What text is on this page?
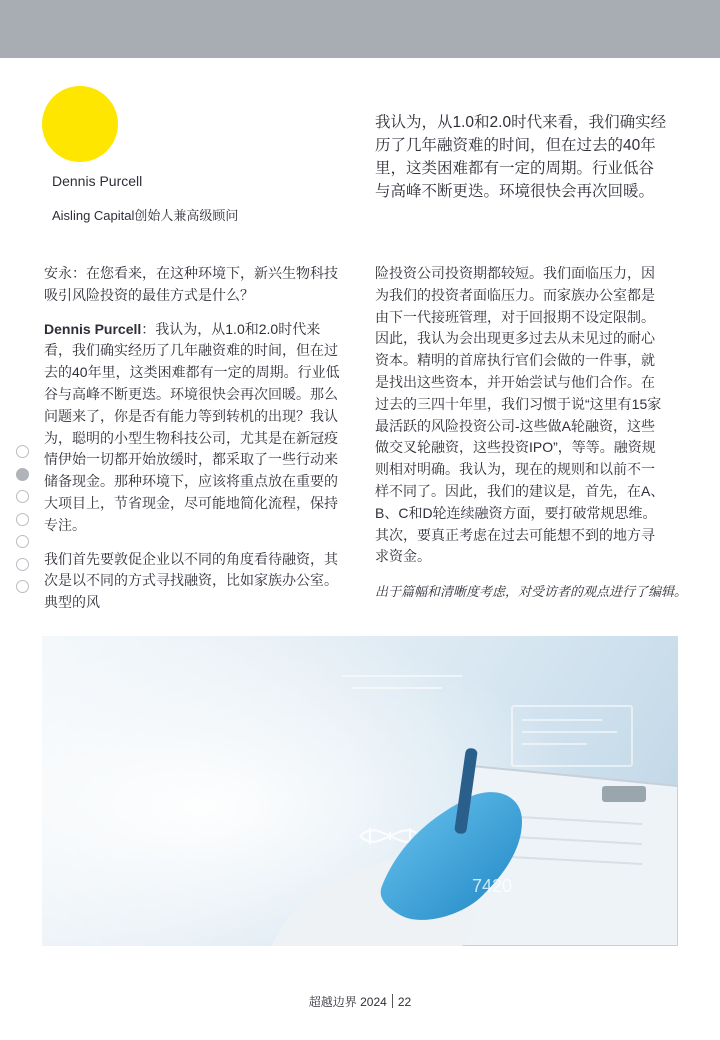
Dennis Purcell
Aisling Capital创始人兼高级顾问

我认为，从1.0和2.0时代来看，我们确实经历了几年融资难的时间，但在过去的40年里，这类困难都有一定的周期。行业低谷与高峰不断更迭。环境很快会再次回暖。

安永：在您看来，在这种环境下，新兴生物科技吸引风险投资的最佳方式是什么？

Dennis Purcell：我认为，从1.0和2.0时代来看，我们确实经历了几年融资难的时间，但在过去的40年里，这类困难都有一定的周期。行业低谷与高峰不断更迭。环境很快会再次回暖。那么问题来了，你是否有能力等到转机的出现？我认为，聪明的小型生物科技公司，尤其是在新冠疫情伊始一切都开始放缓时，都采取了一些行动来储备现金。那种环境下，应该将重点放在重要的大项目上，节省现金，尽可能地简化流程，保持专注。

我们首先要敦促企业以不同的角度看待融资，其次是以不同的方式寻找融资，比如家族办公室。典型的风

险投资公司投资期都较短。我们面临压力，因为我们的投资者面临压力。而家族办公室都是由下一代接班管理，对于回报期不设定限制。因此，我认为会出现更多过去从未见过的耐心资本。精明的首席执行官们会做的一件事，就是找出这些资本，并开始尝试与他们合作。在过去的三四十年里，我们习惯于说“这里有15家最活跃的风险投资公司-这些做A轮融资，这些做交叉轮融资，这些投资IPO”，等等。融资规则相对明确。我认为，现在的规则和以前不一样不同了。因此，我们的建议是，首先，在A、B、C和D轮连续融资方面，要打破常规思维。其次，要真正考虑在过去可能想不到的地方寻求资金。

出于篇幅和清晰度考虑，对受访者的观点进行了编辑。
7420
超越边界 2024 22
